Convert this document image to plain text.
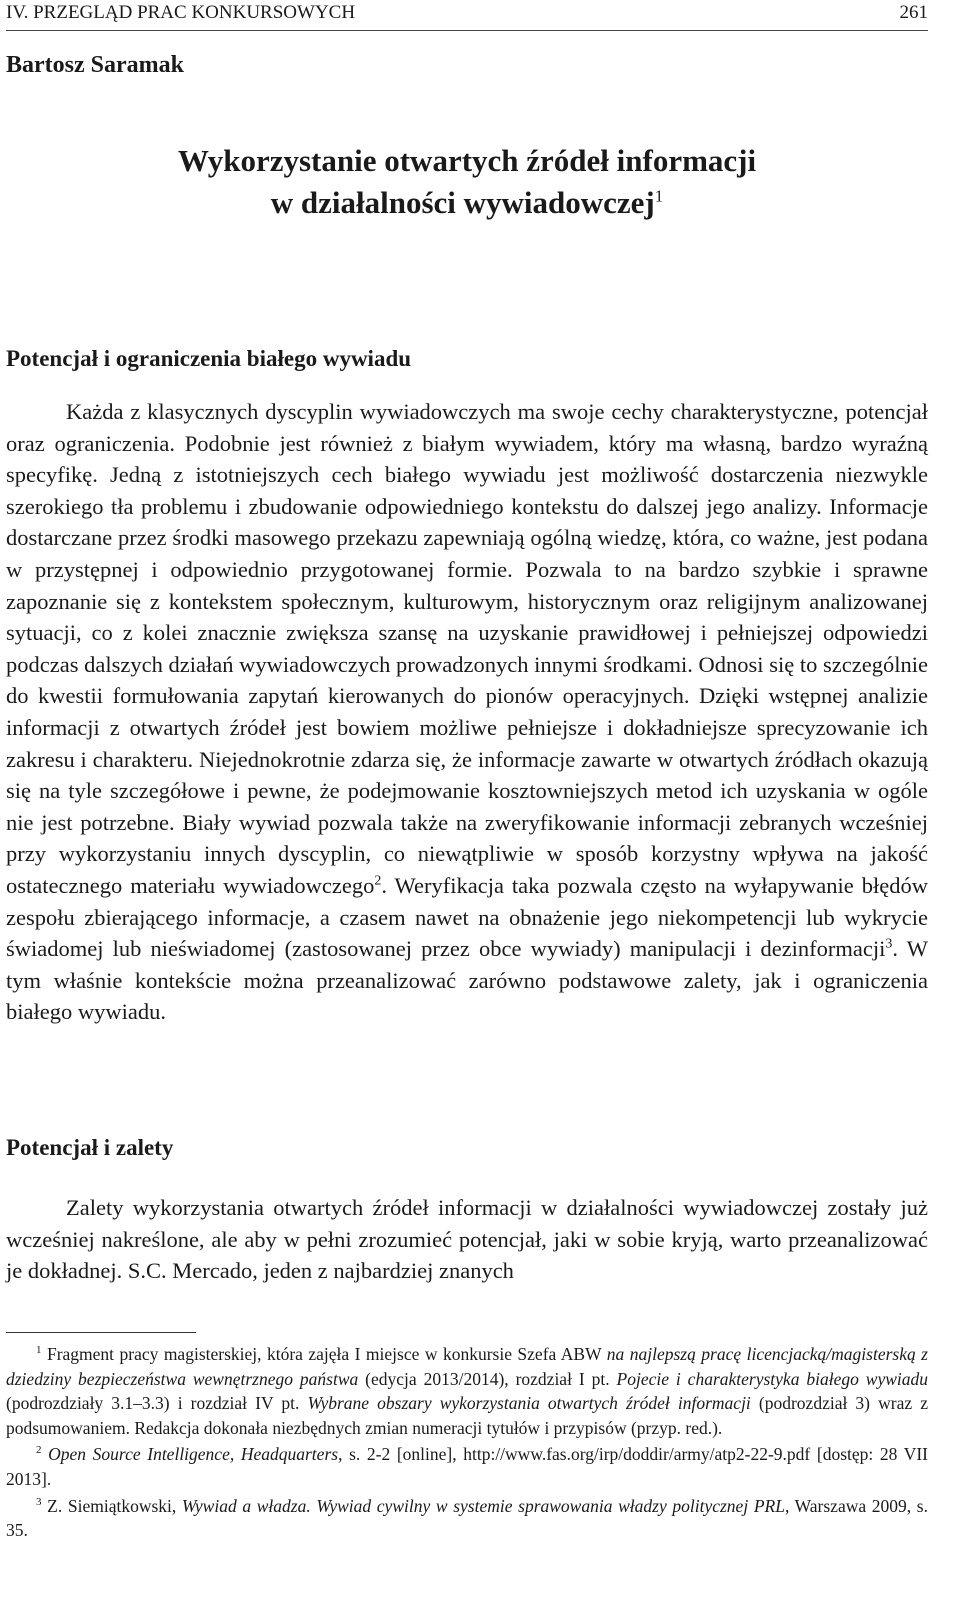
IV. PRZEGLĄD PRAC KONKURSOWYCH	261
Bartosz Saramak
Wykorzystanie otwartych źródeł informacji
w działalności wywiadowczej$^1$
Potencjał i ograniczenia białego wywiadu

Każda z klasycznych dyscyplin wywiadowczych ma swoje cechy charakterystyczne, potencjał oraz ograniczenia. Podobnie jest również z białym wywiadem, który ma własną, bardzo wyraźną specyfikę. Jedną z istotniejszych cech białego wywiadu jest możliwość dostarczenia niezwykle szerokiego tła problemu i zbudowanie odpowiedniego kontekstu do dalszej jego analizy. Informacje dostarczane przez środki masowego przekazu zapewniają ogólną wiedzę, która, co ważne, jest podana w przystępnej i odpowiednio przygotowanej formie. Pozwala to na bardzo szybkie i sprawne zapoznanie się z kontekstem społecznym, kulturowym, historycznym oraz religijnym analizowanej sytuacji, co z kolei znacznie zwiększa szansę na uzyskanie prawidłowej i pełniejszej odpowiedzi podczas dalszych działań wywiadowczych prowadzonych innymi środkami. Odnosi się to szczególnie do kwestii formułowania zapytań kierowanych do pionów operacyjnych. Dzięki wstępnej analizie informacji z otwartych źródeł jest bowiem możliwe pełniejsze i dokładniejsze sprecyzowanie ich zakresu i charakteru. Niejednokrotnie zdarza się, że informacje zawarte w otwartych źródłach okazują się na tyle szczegółowe i pewne, że podejmowanie kosztowniejszych metod ich uzyskania w ogóle nie jest potrzebne. Biały wywiad pozwala także na zweryfikowanie informacji zebranych wcześniej przy wykorzystaniu innych dyscyplin, co niewątpliwie w sposób korzystny wpływa na jakość ostatecznego materiału wywiadowczego$^2$. Weryfikacja taka pozwala często na wyłapywanie błędów zespołu zbierającego informacje, a czasem nawet na obnażenie jego niekompetencji lub wykrycie świadomej lub nieświadomej (zastosowanej przez obce wywiady) manipulacji i dezinformacji$^3$. W tym właśnie kontekście można przeanalizować zarówno podstawowe zalety, jak i ograniczenia białego wywiadu.

Potencjał i zalety

Zalety wykorzystania otwartych źródeł informacji w działalności wywiadowczej zostały już wcześniej nakreślone, ale aby w pełni zrozumieć potencjał, jaki w sobie kryją, warto przeanalizować je dokładnej. S.C. Mercado, jeden z najbardziej znanych

$^1$ Fragment pracy magisterskiej, która zajęła I miejsce w konkursie Szefa ABW na najlepszą pracę licencjacką/magisterską z dziedziny bezpieczeństwa wewnętrznego państwa (edycja 2013/2014), rozdział I pt. Pojecie i charakterystyka białego wywiadu (podrozdziały 3.1–3.3) i rozdział IV pt. Wybrane obszary wykorzystania otwartych źródeł informacji (podrozdział 3) wraz z podsumowaniem. Redakcja dokonała niezbędnych zmian numeracji tytułów i przypisów (przyp. red.).

$^2$ Open Source Intelligence, Headquarters, s. 2-2 [online], http://www.fas.org/irp/doddir/army/atp2-22-9.pdf [dostęp: 28 VII 2013].

$^3$ Z. Siemiątkowski, Wywiad a władza. Wywiad cywilny w systemie sprawowania władzy politycznej PRL, Warszawa 2009, s. 35.
